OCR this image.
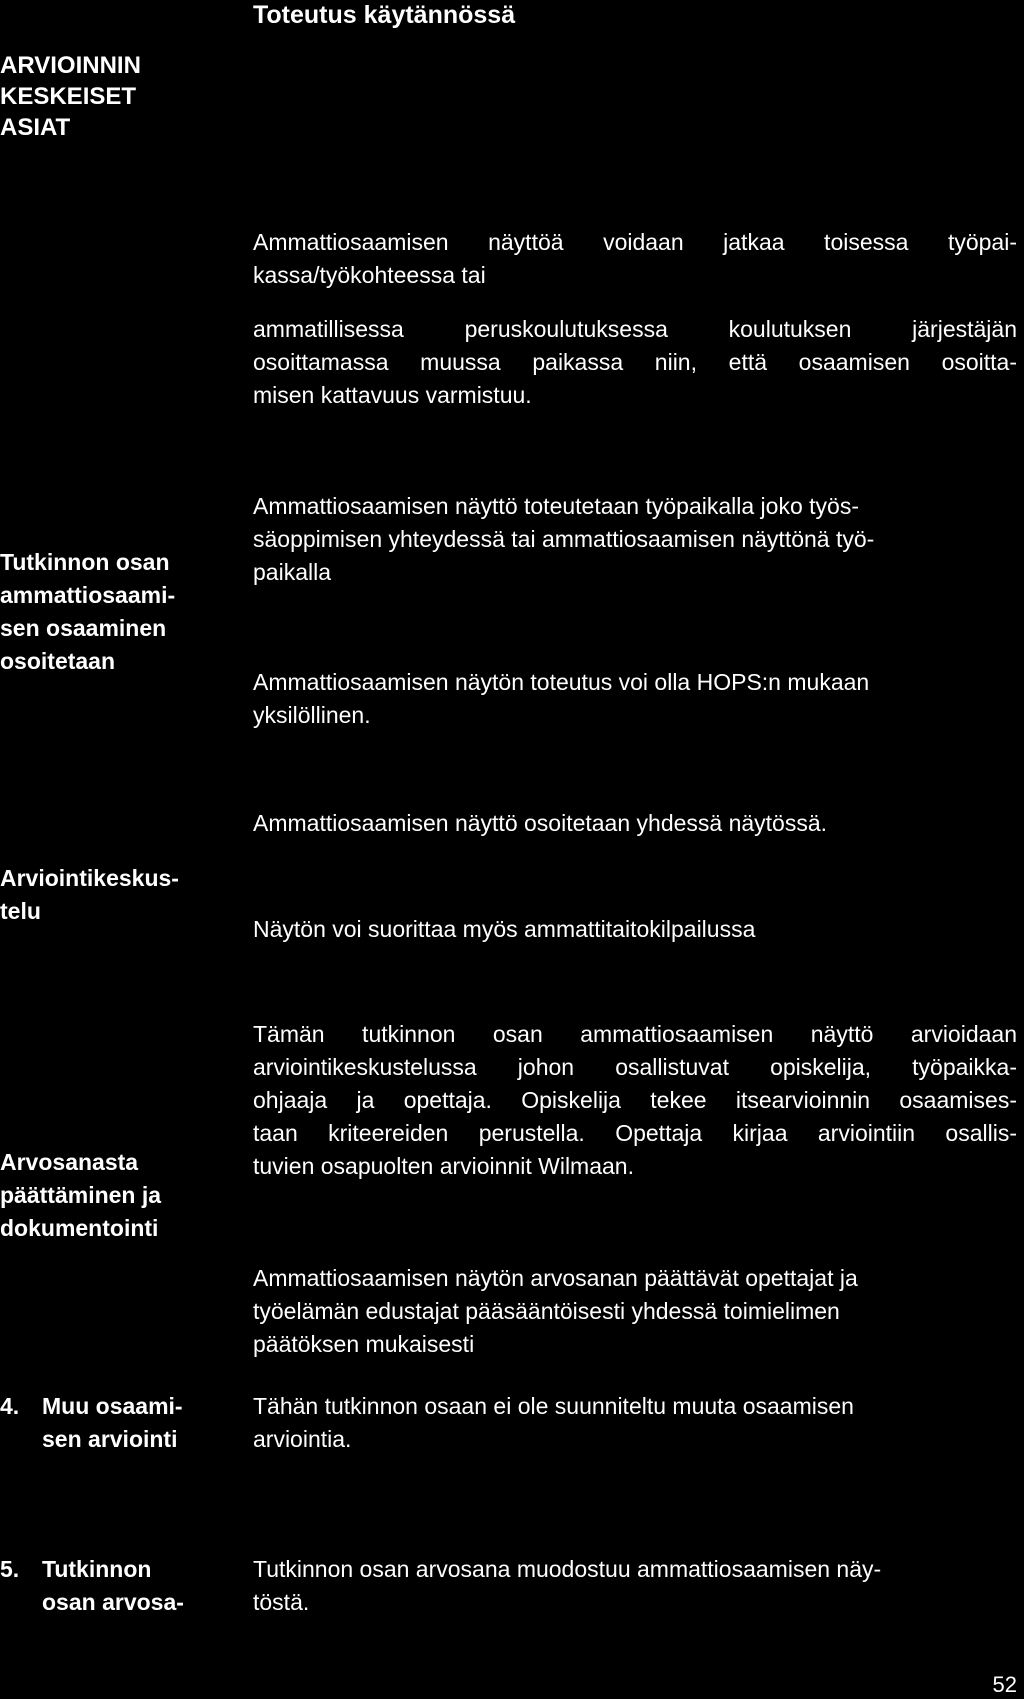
Toteutus käytännössä
ARVIOINNIN
KESKEISET
ASIAT
Ammattiosaamisen näyttöä voidaan jatkaa toisessa työpai-
kassa/työkohteessa tai
ammatillisessa peruskoulutuksessa koulutuksen järjestäjän
osoittamassa muussa paikassa niin, että osaamisen osoitta-
misen kattavuus varmistuu.
Tutkinnon osan
ammattiosaami-
sen osaaminen
osoitetaan
Ammattiosaamisen näyttö toteutetaan työpaikalla joko työs-
säoppimisen yhteydessä tai ammattiosaamisen näyttönä työ-
paikalla
Ammattiosaamisen näytön toteutus voi olla HOPS:n mukaan
yksilöllinen.
Ammattiosaamisen näyttö osoitetaan yhdessä näytössä.
Arviointikeskus-
telu
Näytön voi suorittaa myös ammattitaitokilpailussa
Tämän tutkinnon osan ammattiosaamisen näyttö arvioidaan
arviointikeskustelussa johon osallistuvat opiskelija, työpaikka-
ohjaaja ja opettaja. Opiskelija tekee itsearvioinnin osaamises-
taan kriteereiden perustella. Opettaja kirjaa arviointiin osallis-
tuvien osapuolten arvioinnit Wilmaan.
Arvosanasta
päättäminen ja
dokumentointi
Ammattiosaamisen näytön arvosanan päättävät opettajat ja
työelämän edustajat pääsääntöisesti yhdessä toimielimen
päätöksen mukaisesti
4. Muu osaami-
sen arviointi
Tähän tutkinnon osaan ei ole suunniteltu muuta osaamisen
arviointia.
5. Tutkinnon
osan arvosa-
Tutkinnon osan arvosana muodostuu ammattiosaamisen näy-
töstä.
52
